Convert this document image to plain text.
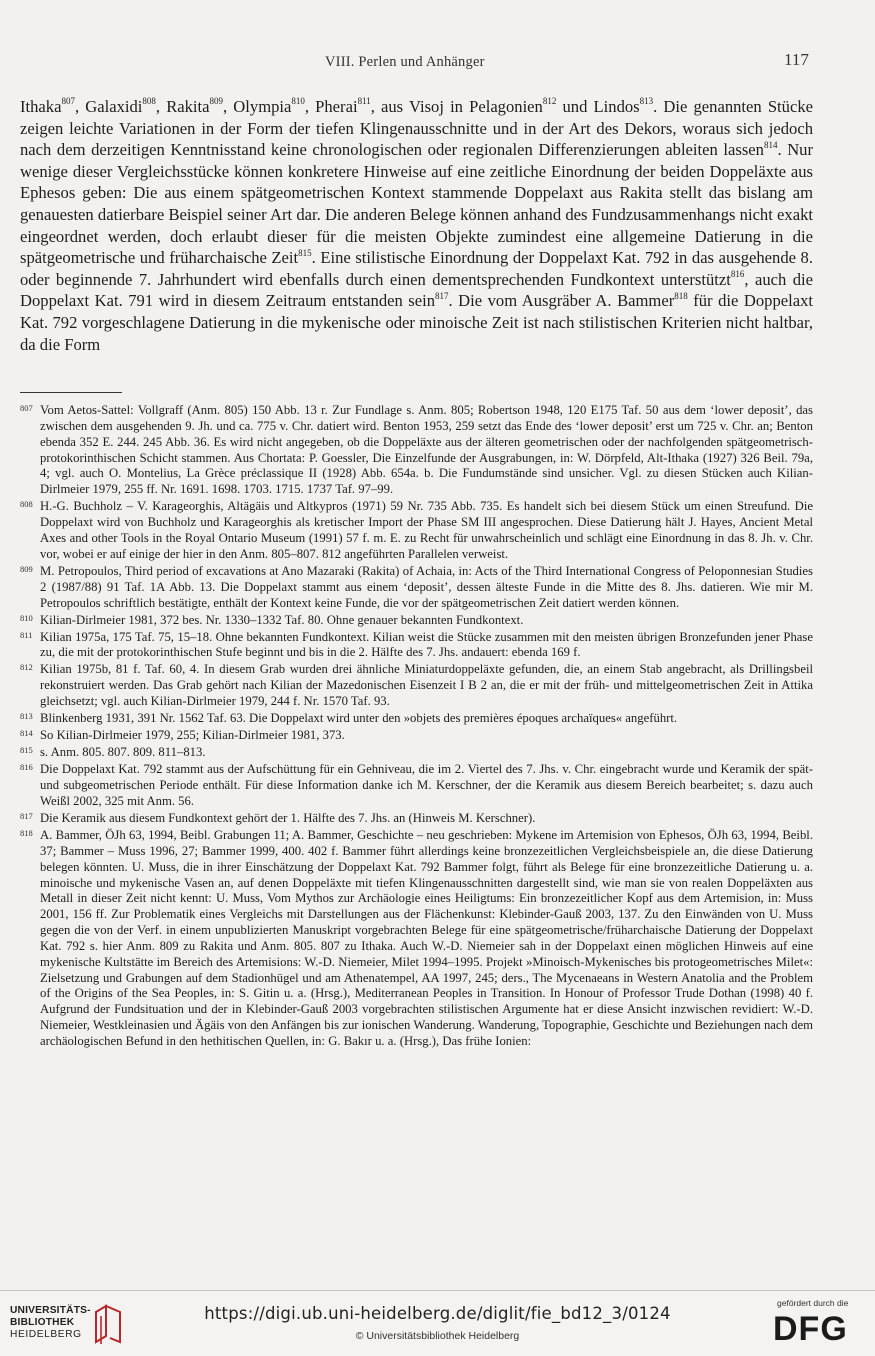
VIII. Perlen und Anhänger	117

Ithaka$^{807}$, Galaxidi$^{808}$, Rakita$^{809}$, Olympia$^{810}$, Pherai$^{811}$, aus Visoj in Pelagonien$^{812}$ und Lindos$^{813}$. Die genannten Stücke zeigen leichte Variationen in der Form der tiefen Klingenausschnitte und in der Art des Dekors, woraus sich jedoch nach dem derzeitigen Kenntnisstand keine chronologischen oder regionalen Differenzierungen ableiten lassen$^{814}$. Nur wenige dieser Vergleichsstücke können konkretere Hinweise auf eine zeitliche Einordnung der beiden Doppeläxte aus Ephesos geben: Die aus einem spätgeometrischen Kontext stammende Doppelaxt aus Rakita stellt das bislang am genauesten datierbare Beispiel seiner Art dar. Die anderen Belege können anhand des Fundzusammenhangs nicht exakt eingeordnet werden, doch erlaubt dieser für die meisten Objekte zumindest eine allgemeine Datierung in die spätgeometrische und früharchaische Zeit$^{815}$. Eine stilistische Einordnung der Doppelaxt Kat. 792 in das ausgehende 8. oder beginnende 7. Jahrhundert wird ebenfalls durch einen dementsprechenden Fundkontext unterstützt$^{816}$, auch die Doppelaxt Kat. 791 wird in diesem Zeitraum entstanden sein$^{817}$. Die vom Ausgräber A. Bammer$^{818}$ für die Doppelaxt Kat. 792 vorgeschlagene Datierung in die mykenische oder minoische Zeit ist nach stilistischen Kriterien nicht haltbar, da die Form

807 Vom Aetos-Sattel: Vollgraff (Anm. 805) 150 Abb. 13 r. Zur Fundlage s. Anm. 805; Robertson 1948, 120 E175 Taf. 50 aus dem ‘lower deposit’, das zwischen dem ausgehenden 9. Jh. und ca. 775 v. Chr. datiert wird. Benton 1953, 259 setzt das Ende des ‘lower deposit’ erst um 725 v. Chr. an; Benton ebenda 352 E. 244. 245 Abb. 36. Es wird nicht angegeben, ob die Doppeläxte aus der älteren geometrischen oder der nachfolgenden spätgeometrisch-protokorinthischen Schicht stammen. Aus Chortata: P. Goessler, Die Einzelfunde der Ausgrabungen, in: W. Dörpfeld, Alt-Ithaka (1927) 326 Beil. 79a, 4; vgl. auch O. Montelius, La Grèce préclassique II (1928) Abb. 654a. b. Die Fundumstände sind unsicher. Vgl. zu diesen Stücken auch Kilian-Dirlmeier 1979, 255 ff. Nr. 1691. 1698. 1703. 1715. 1737 Taf. 97–99.

808 H.-G. Buchholz – V. Karageorghis, Altägäis und Altkypros (1971) 59 Nr. 735 Abb. 735. Es handelt sich bei diesem Stück um einen Streufund. Die Doppelaxt wird von Buchholz und Karageorghis als kretischer Import der Phase SM III angesprochen. Diese Datierung hält J. Hayes, Ancient Metal Axes and other Tools in the Royal Ontario Museum (1991) 57 f. m. E. zu Recht für unwahrscheinlich und schlägt eine Einordnung in das 8. Jh. v. Chr. vor, wobei er auf einige der hier in den Anm. 805–807. 812 angeführten Parallelen verweist.

809 M. Petropoulos, Third period of excavations at Ano Mazaraki (Rakita) of Achaia, in: Acts of the Third International Congress of Peloponnesian Studies 2 (1987/88) 91 Taf. 1A Abb. 13. Die Doppelaxt stammt aus einem ‘deposit’, dessen älteste Funde in die Mitte des 8. Jhs. datieren. Wie mir M. Petropoulos schriftlich bestätigte, enthält der Kontext keine Funde, die vor der spätgeometrischen Zeit datiert werden können.

810 Kilian-Dirlmeier 1981, 372 bes. Nr. 1330–1332 Taf. 80. Ohne genauer bekannten Fundkontext.

811 Kilian 1975a, 175 Taf. 75, 15–18. Ohne bekannten Fundkontext. Kilian weist die Stücke zusammen mit den meisten übrigen Bronzefunden jener Phase zu, die mit der protokorinthischen Stufe beginnt und bis in die 2. Hälfte des 7. Jhs. andauert: ebenda 169 f.

812 Kilian 1975b, 81 f. Taf. 60, 4. In diesem Grab wurden drei ähnliche Miniaturdoppeläxte gefunden, die, an einem Stab angebracht, als Drillingsbeil rekonstruiert werden. Das Grab gehört nach Kilian der Mazedonischen Eisenzeit I B 2 an, die er mit der früh- und mittelgeometrischen Zeit in Attika gleichsetzt; vgl. auch Kilian-Dirlmeier 1979, 244 f. Nr. 1570 Taf. 93.

813 Blinkenberg 1931, 391 Nr. 1562 Taf. 63. Die Doppelaxt wird unter den »objets des premières époques archaïques« angeführt.

814 So Kilian-Dirlmeier 1979, 255; Kilian-Dirlmeier 1981, 373.

815 s. Anm. 805. 807. 809. 811–813.

816 Die Doppelaxt Kat. 792 stammt aus der Aufschüttung für ein Gehniveau, die im 2. Viertel des 7. Jhs. v. Chr. eingebracht wurde und Keramik der spät- und subgeometrischen Periode enthält. Für diese Information danke ich M. Kerschner, der die Keramik aus diesem Bereich bearbeitet; s. dazu auch Weißl 2002, 325 mit Anm. 56.

817 Die Keramik aus diesem Fundkontext gehört der 1. Hälfte des 7. Jhs. an (Hinweis M. Kerschner).

818 A. Bammer, ÖJh 63, 1994, Beibl. Grabungen 11; A. Bammer, Geschichte – neu geschrieben: Mykene im Artemision von Ephesos, ÖJh 63, 1994, Beibl. 37; Bammer – Muss 1996, 27; Bammer 1999, 400. 402 f. Bammer führt allerdings keine bronzezeitlichen Vergleichsbeispiele an, die diese Datierung belegen könnten. U. Muss, die in ihrer Einschätzung der Doppelaxt Kat. 792 Bammer folgt, führt als Belege für eine bronzezeitliche Datierung u. a. minoische und mykenische Vasen an, auf denen Doppeläxte mit tiefen Klingenausschnitten dargestellt sind, wie man sie von realen Doppeläxten aus Metall in dieser Zeit nicht kennt: U. Muss, Vom Mythos zur Archäologie eines Heiligtums: Ein bronzezeitlicher Kopf aus dem Artemision, in: Muss 2001, 156 ff. Zur Problematik eines Vergleichs mit Darstellungen aus der Flächenkunst: Klebinder-Gauß 2003, 137. Zu den Einwänden von U. Muss gegen die von der Verf. in einem unpublizierten Manuskript vorgebrachten Belege für eine spätgeometrische/früharchaische Datierung der Doppelaxt Kat. 792 s. hier Anm. 809 zu Rakita und Anm. 805. 807 zu Ithaka. Auch W.-D. Niemeier sah in der Doppelaxt einen möglichen Hinweis auf eine mykenische Kultstätte im Bereich des Artemisions: W.-D. Niemeier, Milet 1994–1995. Projekt »Minoisch-Mykenisches bis protogeometrisches Milet«: Zielsetzung und Grabungen auf dem Stadionhügel und am Athenatempel, AA 1997, 245; ders., The Mycenaeans in Western Anatolia and the Problem of the Origins of the Sea Peoples, in: S. Gitin u. a. (Hrsg.), Mediterranean Peoples in Transition. In Honour of Professor Trude Dothan (1998) 40 f. Aufgrund der Fundsituation und der in Klebinder-Gauß 2003 vorgebrachten stilistischen Argumente hat er diese Ansicht inzwischen revidiert: W.-D. Niemeier, Westkleinasien und Ägäis von den Anfängen bis zur ionischen Wanderung. Wanderung, Topographie, Geschichte und Beziehungen nach dem archäologischen Befund in den hethitischen Quellen, in: G. Bakır u. a. (Hrsg.), Das frühe Ionien:

UNIVERSITÄTS-
BIBLIOTHEK
HEIDELBERG
https://digi.ub.uni-heidelberg.de/diglit/fie_bd12_3/0124
© Universitätsbibliothek Heidelberg
gefördert durch die
DFG
